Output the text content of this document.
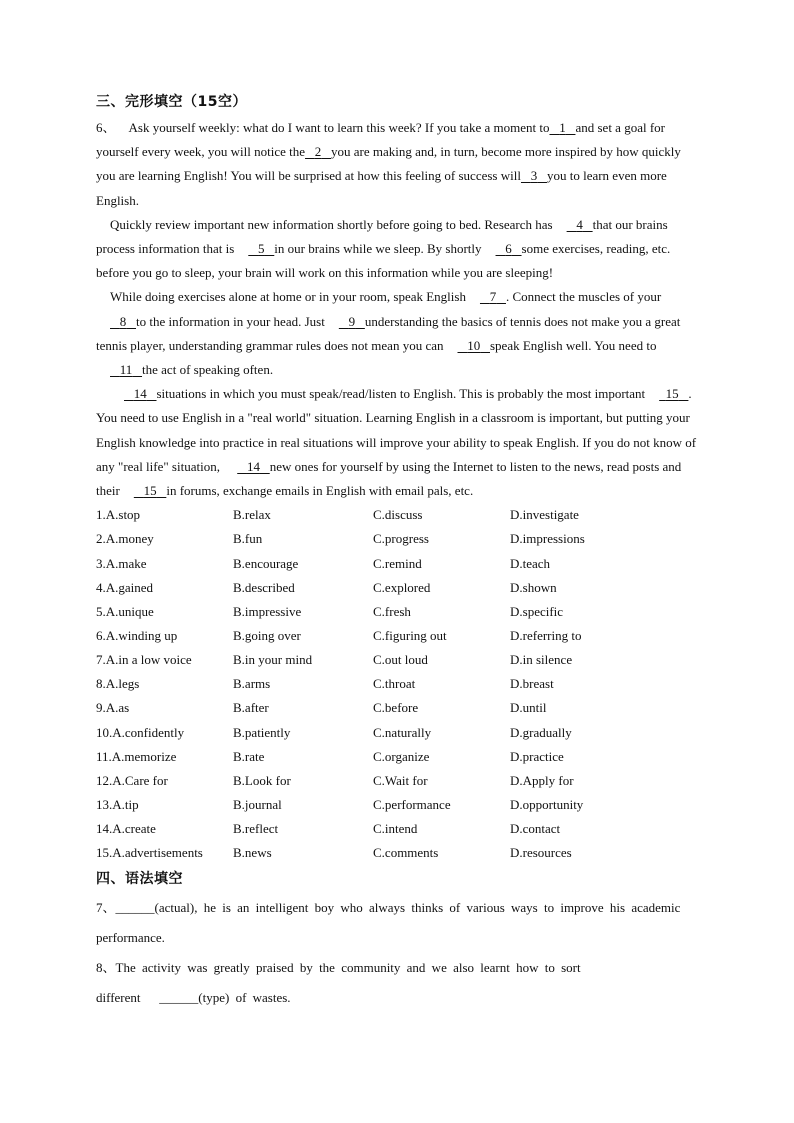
三、完形填空（15空）

6、 Ask yourself weekly: what do I want to learn this week? If you take a moment to 1 and set a goal for yourself every week, you will notice the 2 you are making and, in turn, become more inspired by how quickly you are learning English! You will be surprised at how this feeling of success will 3 you to learn even more English.

Quickly review important new information shortly before going to bed. Research has 4 that our brains process information that is 5 in our brains while we sleep. By shortly 6 some exercises, reading, etc. before you go to sleep, your brain will work on this information while you are sleeping!

While doing exercises alone at home or in your room, speak English 7 . Connect the muscles of your   8 to the information in your head. Just 9 understanding the basics of tennis does not make you a great tennis player, understanding grammar rules does not mean you can 10 speak English well. You need to   11 the act of speaking often.

14 situations in which you must speak/read/listen to English. This is probably the most important 15 . You need to use English in a "real world" situation. Learning English in a classroom is important, but putting your English knowledge into practice in real situations will improve your ability to speak English. If you do not know of any "real life" situation, 14 new ones for yourself by using the Internet to listen to the news, read posts and their 15 in forums, exchange emails in English with email pals, etc.

1.A.stop	B.relax	C.discuss	D.investigate
2.A.money	B.fun	C.progress	D.impressions
3.A.make	B.encourage	C.remind	D.teach
4.A.gained	B.described	C.explored	D.shown
5.A.unique	B.impressive	C.fresh	D.specific
6.A.winding up	B.going over	C.figuring out	D.referring to
7.A.in a low voice	B.in your mind	C.out loud	D.in silence
8.A.legs	B.arms	C.throat	D.breast
9.A.as	B.after	C.before	D.until
10.A.confidently	B.patiently	C.naturally	D.gradually
11.A.memorize	B.rate	C.organize	D.practice
12.A.Care for	B.Look for	C.Wait for	D.Apply for
13.A.tip	B.journal	C.performance	D.opportunity
14.A.create	B.reflect	C.intend	D.contact
15.A.advertisements	B.news	C.comments	D.resources
四、语法填空

7、______(actual), he is an intelligent boy who always thinks of various ways to improve his academic performance.

8、The activity was greatly praised by the community and we also learnt how to sort different ______(type) of wastes.
